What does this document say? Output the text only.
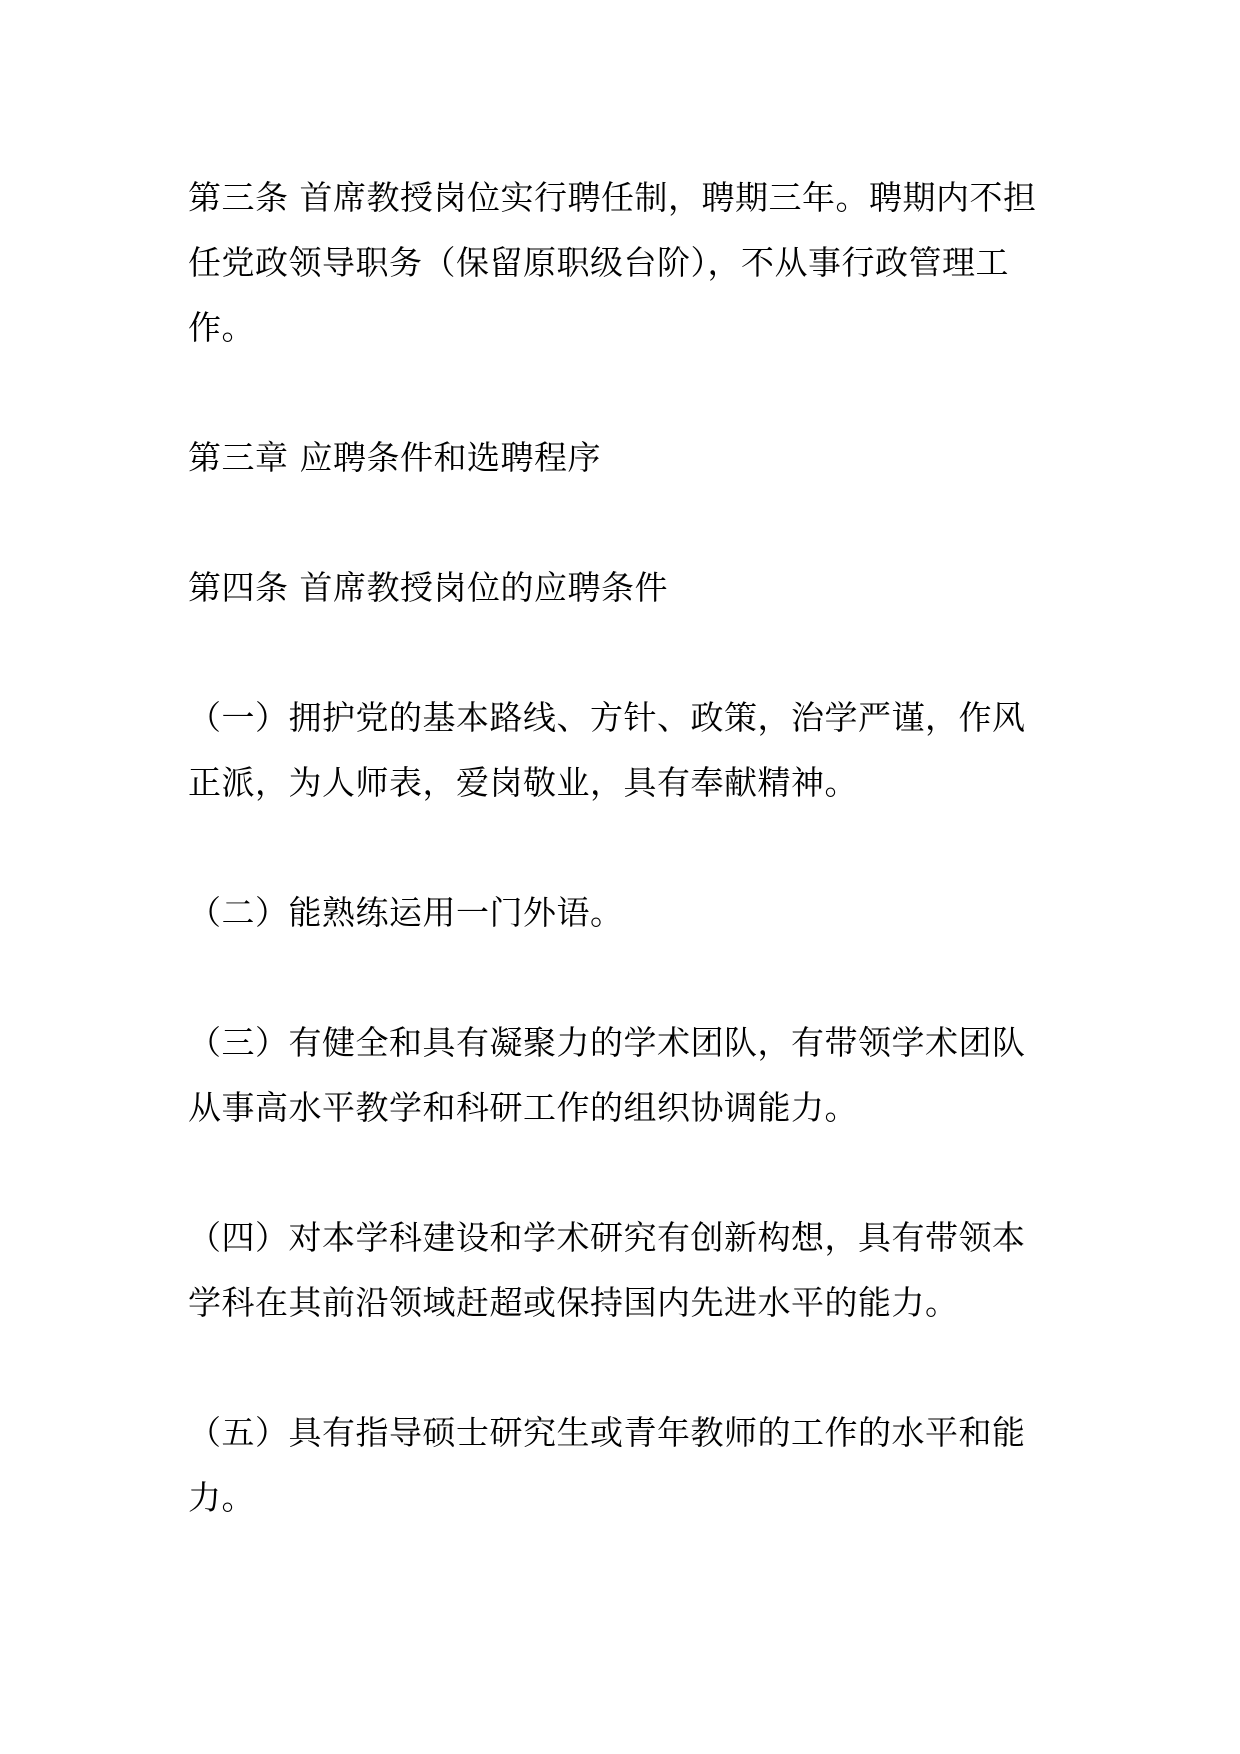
第三条 首席教授岗位实行聘任制，聘期三年。聘期内不担
任党政领导职务（保留原职级台阶），不从事行政管理工
作。

第三章 应聘条件和选聘程序

第四条 首席教授岗位的应聘条件

（一）拥护党的基本路线、方针、政策，治学严谨，作风
正派，为人师表，爱岗敬业，具有奉献精神。

（二）能熟练运用一门外语。

（三）有健全和具有凝聚力的学术团队，有带领学术团队
从事高水平教学和科研工作的组织协调能力。

（四）对本学科建设和学术研究有创新构想，具有带领本
学科在其前沿领域赶超或保持国内先进水平的能力。

（五）具有指导硕士研究生或青年教师的工作的水平和能
力。
